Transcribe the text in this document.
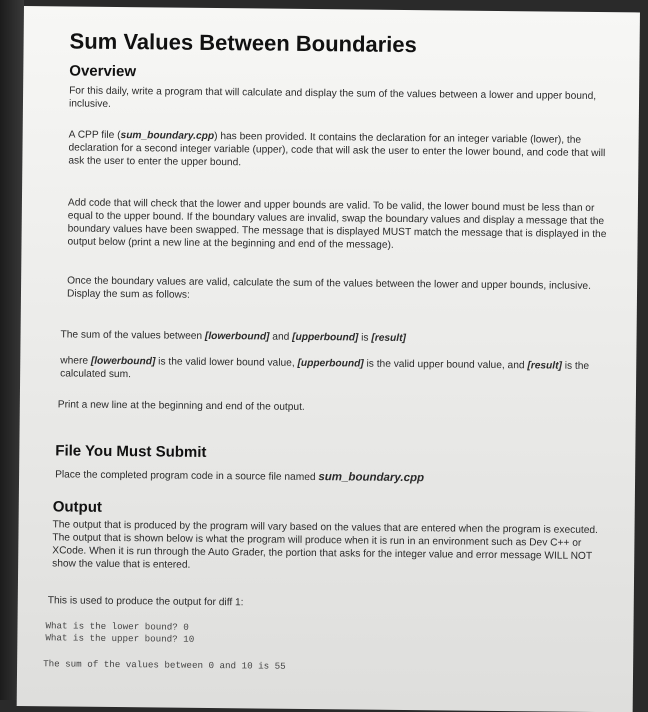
Sum Values Between Boundaries
Overview

For this daily, write a program that will calculate and display the sum of the values between a lower and upper bound, inclusive.

A CPP file (sum_boundary.cpp) has been provided. It contains the declaration for an integer variable (lower), the declaration for a second integer variable (upper), code that will ask the user to enter the lower bound, and code that will ask the user to enter the upper bound.

Add code that will check that the lower and upper bounds are valid. To be valid, the lower bound must be less than or equal to the upper bound. If the boundary values are invalid, swap the boundary values and display a message that the boundary values have been swapped. The message that is displayed MUST match the message that is displayed in the output below (print a new line at the beginning and end of the message).

Once the boundary values are valid, calculate the sum of the values between the lower and upper bounds, inclusive. Display the sum as follows:

The sum of the values between [lowerbound] and [upperbound] is [result]

where [lowerbound] is the valid lower bound value, [upperbound] is the valid upper bound value, and [result] is the calculated sum.

Print a new line at the beginning and end of the output.

File You Must Submit

Place the completed program code in a source file named sum_boundary.cpp

Output

The output that is produced by the program will vary based on the values that are entered when the program is executed. The output that is shown below is what the program will produce when it is run in an environment such as Dev C++ or XCode. When it is run through the Auto Grader, the portion that asks for the integer value and error message WILL NOT show the value that is entered.

This is used to produce the output for diff 1:

What is the lower bound? 0
What is the upper bound? 10
The sum of the values between 0 and 10 is 55
